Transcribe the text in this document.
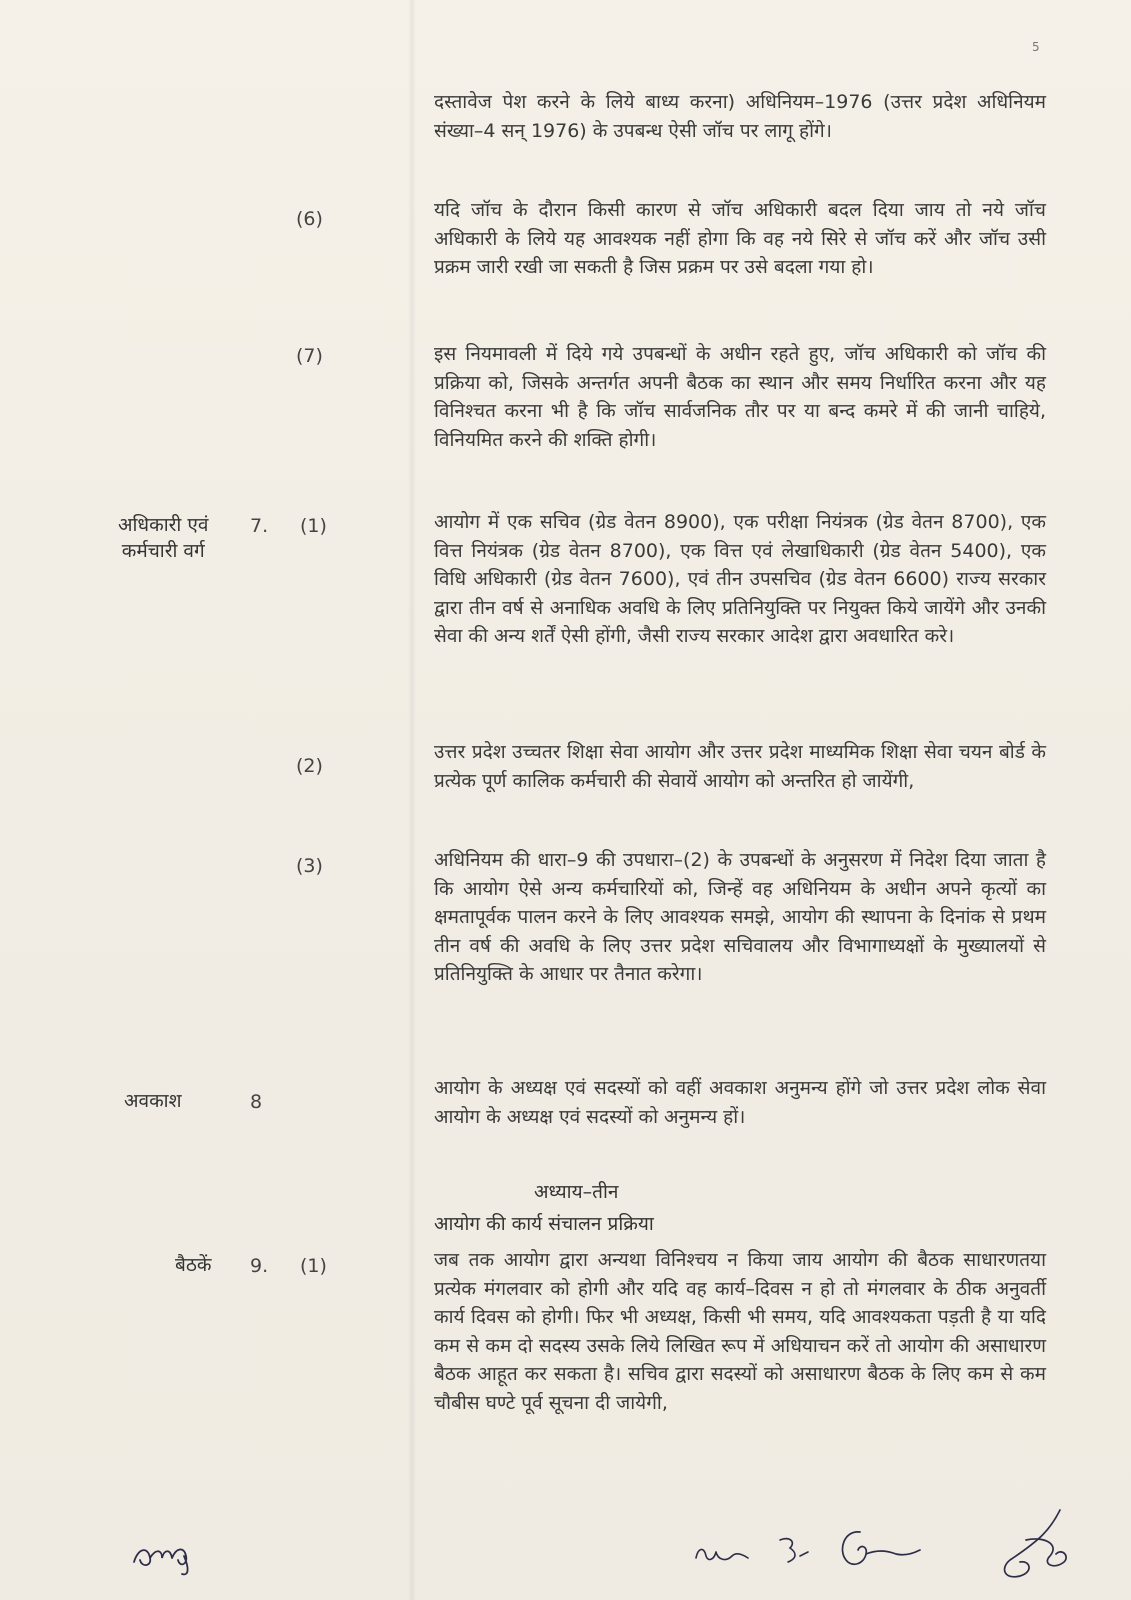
5

दस्तावेज पेश करने के लिये बाध्य करना) अधिनियम–1976 (उत्तर प्रदेश अधिनियम संख्या–4 सन् 1976) के उपबन्ध ऐसी जॉच पर लागू होंगे।

(6)	यदि जॉच के दौरान किसी कारण से जॉच अधिकारी बदल दिया जाय तो नये जॉच अधिकारी के लिये यह आवश्यक नहीं होगा कि वह नये सिरे से जॉच करें और जॉच उसी प्रक्रम जारी रखी जा सकती है जिस प्रक्रम पर उसे बदला गया हो।

(7)	इस नियमावली में दिये गये उपबन्धों के अधीन रहते हुए, जॉच अधिकारी को जॉच की प्रक्रिया को, जिसके अन्तर्गत अपनी बैठक का स्थान और समय निर्धारित करना और यह विनिश्चत करना भी है कि जॉच सार्वजनिक तौर पर या बन्द कमरे में की जानी चाहिये, विनियमित करने की शक्ति होगी।

अधिकारी एवं
कर्मचारी वर्ग
7. (1)	आयोग में एक सचिव (ग्रेड वेतन 8900), एक परीक्षा नियंत्रक (ग्रेड वेतन 8700), एक वित्त नियंत्रक (ग्रेड वेतन 8700), एक वित्त एवं लेखाधिकारी (ग्रेड वेतन 5400), एक विधि अधिकारी (ग्रेड वेतन 7600), एवं तीन उपसचिव (ग्रेड वेतन 6600) राज्य सरकार द्वारा तीन वर्ष से अनाधिक अवधि के लिए प्रतिनियुक्ति पर नियुक्त किये जायेंगे और उनकी सेवा की अन्य शर्तें ऐसी होंगी, जैसी राज्य सरकार आदेश द्वारा अवधारित करे।

(2)

उत्तर प्रदेश उच्चतर शिक्षा सेवा आयोग और उत्तर प्रदेश माध्यमिक शिक्षा सेवा चयन बोर्ड के प्रत्येक पूर्ण कालिक कर्मचारी की सेवायें आयोग को अन्तरित हो जायेंगी,

(3)	अधिनियम की धारा–9 की उपधारा–(2) के उपबन्धों के अनुसरण में निदेश दिया जाता है कि आयोग ऐसे अन्य कर्मचारियों को, जिन्हें वह अधिनियम के अधीन अपने कृत्यों का क्षमतापूर्वक पालन करने के लिए आवश्यक समझे, आयोग की स्थापना के दिनांक से प्रथम तीन वर्ष की अवधि के लिए उत्तर प्रदेश सचिवालय और विभागाध्यक्षों के मुख्यालयों से प्रतिनियुक्ति के आधार पर तैनात करेगा।

अवकाश	8

आयोग के अध्यक्ष एवं सदस्यों को वहीं अवकाश अनुमन्य होंगे जो उत्तर प्रदेश लोक सेवा आयोग के अध्यक्ष एवं सदस्यों को अनुमन्य हों।

अध्याय–तीन
आयोग की कार्य संचालन प्रक्रिया
बैठकें 9. (1)	जब तक आयोग द्वारा अन्यथा विनिश्चय न किया जाय आयोग की बैठक साधारणतया प्रत्येक मंगलवार को होगी और यदि वह कार्य–दिवस न हो तो मंगलवार के ठीक अनुवर्ती कार्य दिवस को होगी। फिर भी अध्यक्ष, किसी भी समय, यदि आवश्यकता पड़ती है या यदि कम से कम दो सदस्य उसके लिये लिखित रूप में अधियाचन करें तो आयोग की असाधारण बैठक आहूत कर सकता है। सचिव द्वारा सदस्यों को असाधारण बैठक के लिए कम से कम चौबीस घण्टे पूर्व सूचना दी जायेगी,
